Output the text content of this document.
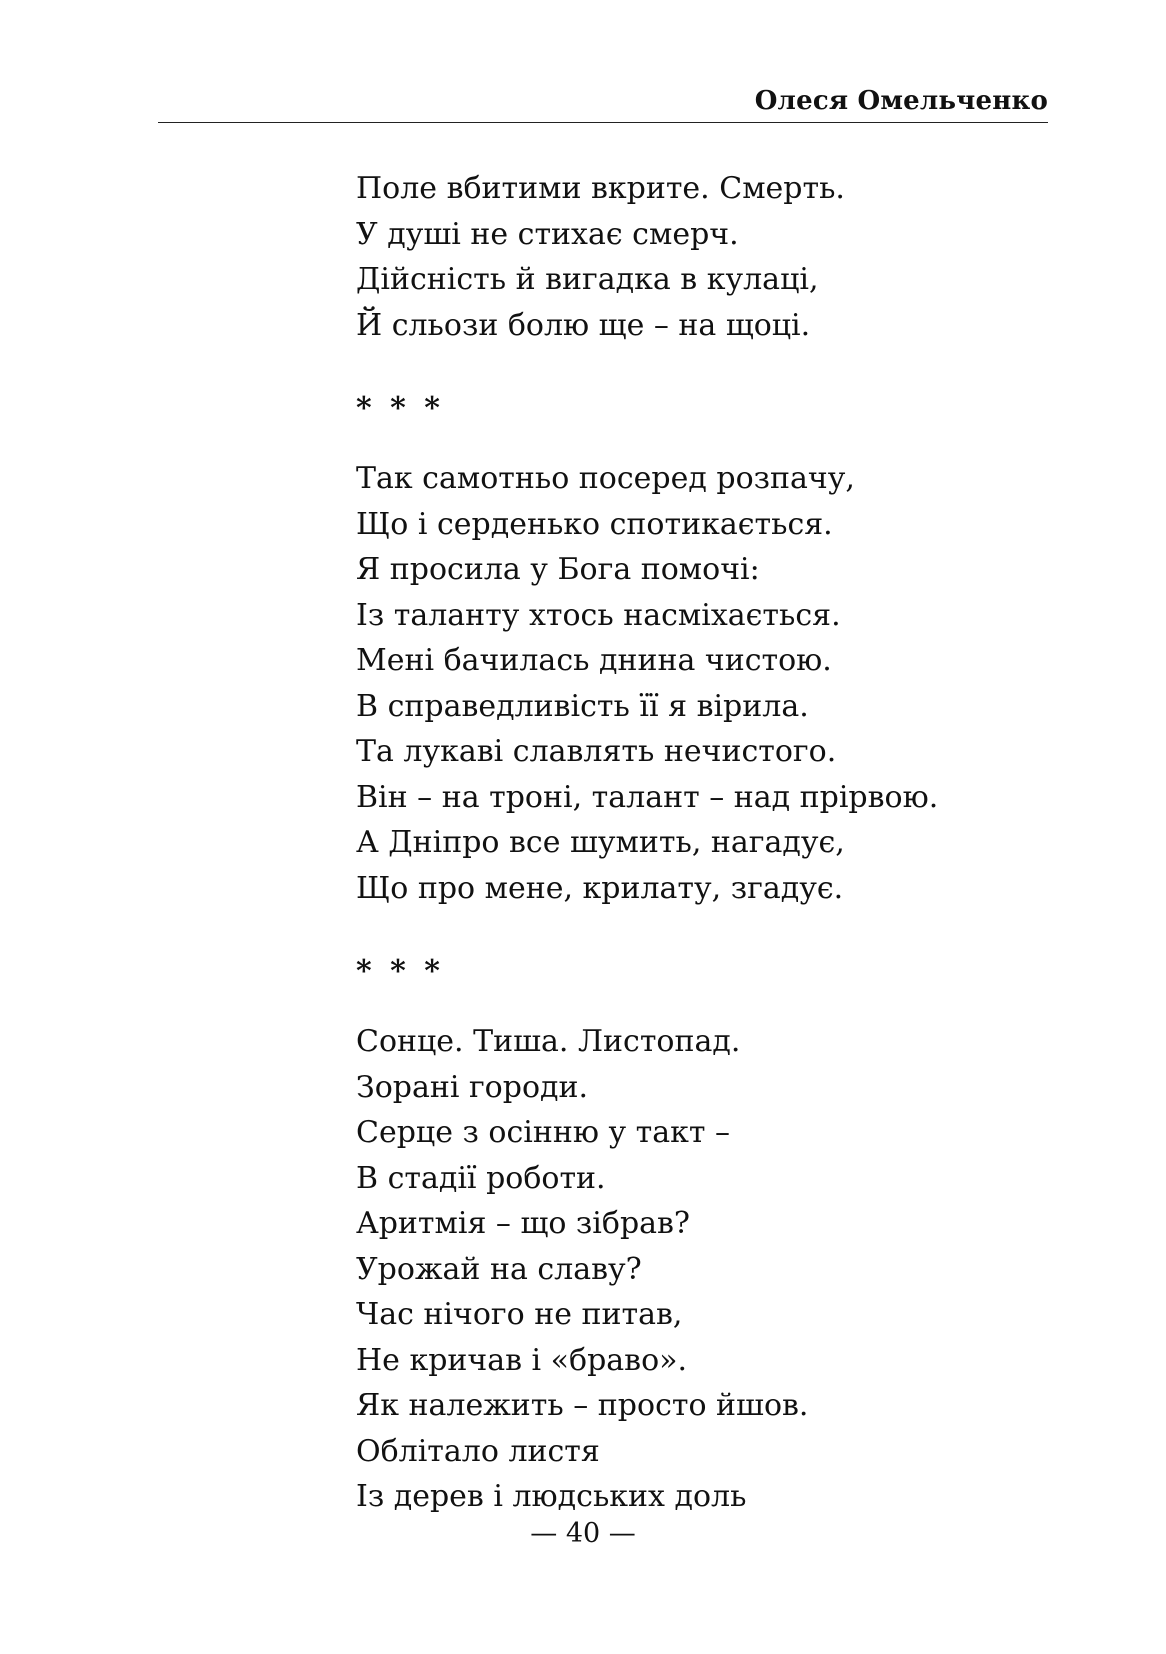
Олеся Омельченко
Поле вбитими вкрите. Смерть.
У душі не стихає смерч.
Дійсність й вигадка в кулаці,
Й сльози болю ще – на щоці.
* * *
Так самотньо посеред розпачу,
Що і серденько спотикається.
Я просила у Бога помочі:
Із таланту хтось насміхається.
Мені бачилась днина чистою.
В справедливість її я вірила.
Та лукаві славлять нечистого.
Він – на троні, талант – над прірвою.
А Дніпро все шумить, нагадує,
Що про мене, крилату, згадує.
* * *
Сонце. Тиша. Листопад.
Зорані городи.
Серце з осінню у такт –
В стадії роботи.
Аритмія – що зібрав?
Урожай на славу?
Час нічого не питав,
Не кричав і «браво».
Як належить – просто йшов.
Облітало листя
Із дерев і людських доль
— 40 —
